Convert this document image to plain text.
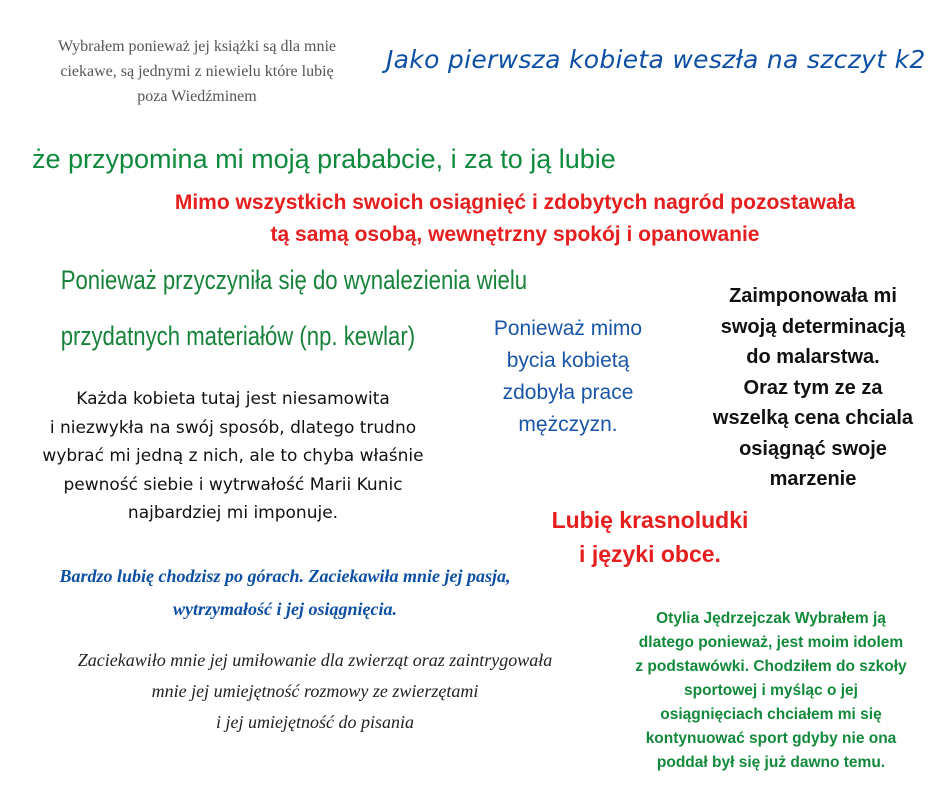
Wybrałem ponieważ jej książki są dla mnie
ciekawe, są jednymi z niewielu które lubię
poza Wiedźminem
Jako pierwsza kobieta weszła na szczyt k2
że przypomina mi moją prababcie, i za to ją lubie
Mimo wszystkich swoich osiągnięć i zdobytych nagród pozostawała
tą samą osobą, wewnętrzny spokój i opanowanie
Ponieważ przyczyniła się do wynalezienia wielu
przydatnych materiałów (np. kewlar)	Ponieważ mimo
bycia kobietą
zdobyła prace
mężczyzn.
Zaimponowała mi
swoją determinacją
do malarstwa.
Oraz tym ze za
wszelką cena chciala
osiągnąć swoje
marzenie
Każda kobieta tutaj jest niesamowita
i niezwykła na swój sposób, dlatego trudno
wybrać mi jedną z nich, ale to chyba właśnie
pewność siebie i wytrwałość Marii Kunic
najbardziej mi imponuje.	Lubię krasnoludki
i języki obce.
Bardzo lubię chodzisz po górach. Zaciekawiła mnie jej pasja,
wytrzymałość i jej osiągnięcia.
Zaciekawiło mnie jej umiłowanie dla zwierząt oraz zaintrygowała
mnie jej umiejętność rozmowy ze zwierzętami
i jej umiejętność do pisania
Otylia Jędrzejczak Wybrałem ją
dlatego ponieważ, jest moim idolem
z podstawówki. Chodziłem do szkoły
sportowej i myśląc o jej
osiągnięciach chciałem mi się
kontynuować sport gdyby nie ona
poddał był się już dawno temu.
